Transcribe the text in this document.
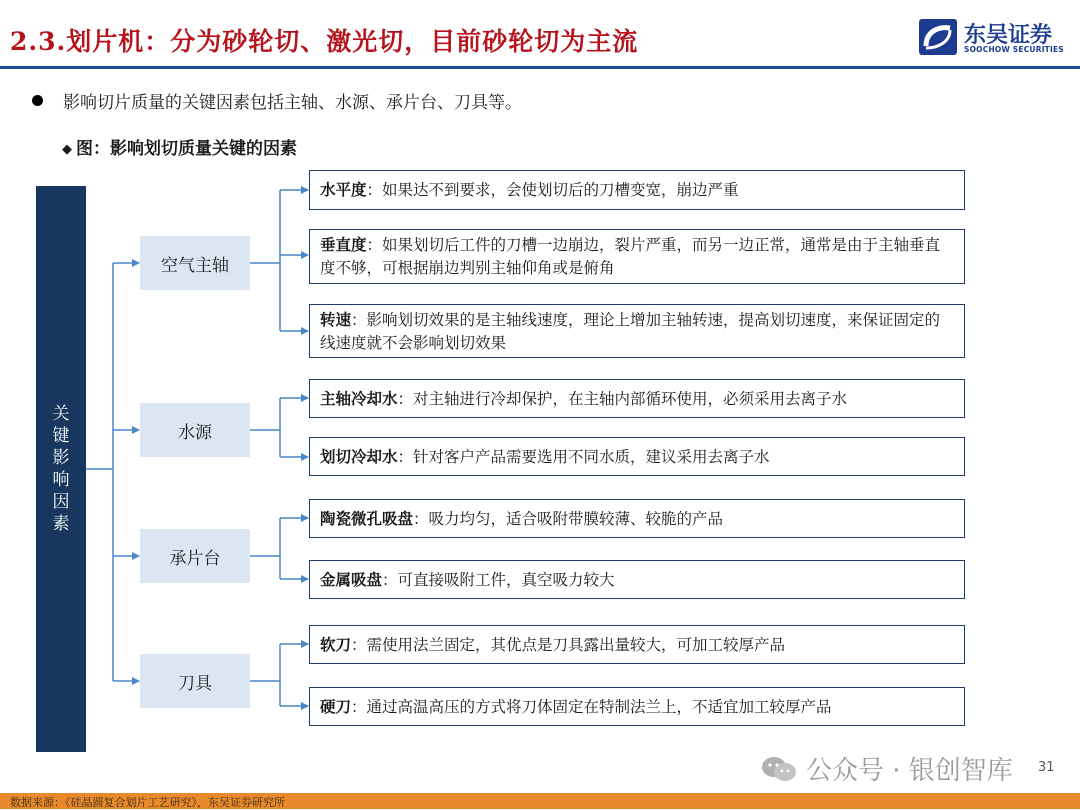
2.3.划片机：分为砂轮切、激光切，目前砂轮切为主流	东吴证券
SOOCHOW SECURITIES
影响切片质量的关键因素包括主轴、水源、承片台、刀具等。
◆ 图：影响划切质量关键的因素
关键影响因素
空气主轴
水源
承片台
刀具
水平度：如果达不到要求，会使划切后的刀槽变宽，崩边严重
垂直度：如果划切后工件的刀槽一边崩边，裂片严重，而另一边正常，通常是由于主轴垂直度不够，可根据崩边判别主轴仰角或是俯角
转速：影响划切效果的是主轴线速度，理论上增加主轴转速，提高划切速度，来保证固定的线速度就不会影响划切效果
主轴冷却水：对主轴进行冷却保护，在主轴内部循环使用，必须采用去离子水
划切冷却水：针对客户产品需要选用不同水质，建议采用去离子水
陶瓷微孔吸盘：吸力均匀，适合吸附带膜较薄、较脆的产品
金属吸盘：可直接吸附工件，真空吸力较大
软刀：需使用法兰固定，其优点是刀具露出量较大，可加工较厚产品
硬刀：通过高温高压的方式将刀体固定在特制法兰上，不适宜加工较厚产品
公众号 · 银创智库 31
数据来源：《硅晶圆复合划片工艺研究》，东吴证券研究所
